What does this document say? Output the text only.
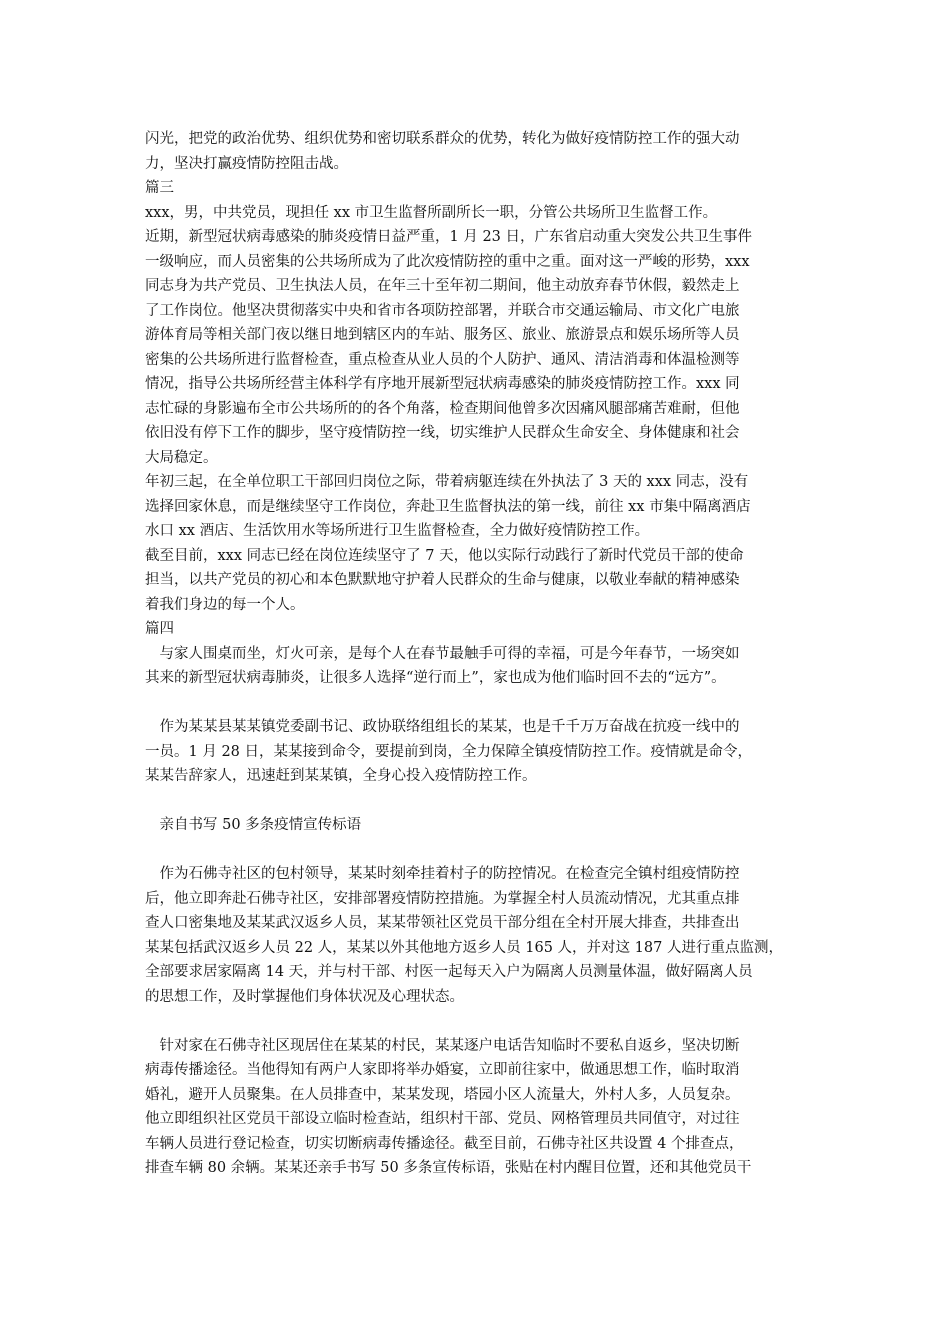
闪光，把党的政治优势、组织优势和密切联系群众的优势，转化为做好疫情防控工作的强大动
力，坚决打赢疫情防控阻击战。
篇三
xxx，男，中共党员，现担任 xx 市卫生监督所副所长一职，分管公共场所卫生监督工作。
近期，新型冠状病毒感染的肺炎疫情日益严重，1 月 23 日，广东省启动重大突发公共卫生事件
一级响应，而人员密集的公共场所成为了此次疫情防控的重中之重。面对这一严峻的形势，xxx
同志身为共产党员、卫生执法人员，在年三十至年初二期间，他主动放弃春节休假，毅然走上
了工作岗位。他坚决贯彻落实中央和省市各项防控部署，并联合市交通运输局、市文化广电旅
游体育局等相关部门夜以继日地到辖区内的车站、服务区、旅业、旅游景点和娱乐场所等人员
密集的公共场所进行监督检查，重点检查从业人员的个人防护、通风、清洁消毒和体温检测等
情况，指导公共场所经营主体科学有序地开展新型冠状病毒感染的肺炎疫情防控工作。xxx 同
志忙碌的身影遍布全市公共场所的的各个角落，检查期间他曾多次因痛风腿部痛苦难耐，但他
依旧没有停下工作的脚步，坚守疫情防控一线，切实维护人民群众生命安全、身体健康和社会
大局稳定。
年初三起，在全单位职工干部回归岗位之际，带着病躯连续在外执法了 3 天的 xxx 同志，没有
选择回家休息，而是继续坚守工作岗位，奔赴卫生监督执法的第一线，前往 xx 市集中隔离酒店
水口 xx 酒店、生活饮用水等场所进行卫生监督检查，全力做好疫情防控工作。
截至目前，xxx 同志已经在岗位连续坚守了 7 天，他以实际行动践行了新时代党员干部的使命
担当，以共产党员的初心和本色默默地守护着人民群众的生命与健康，以敬业奉献的精神感染
着我们身边的每一个人。
篇四
　与家人围桌而坐，灯火可亲，是每个人在春节最触手可得的幸福，可是今年春节，一场突如
其来的新型冠状病毒肺炎，让很多人选择“逆行而上”，家也成为他们临时回不去的“远方”。
　作为某某县某某镇党委副书记、政协联络组组长的某某，也是千千万万奋战在抗疫一线中的
一员。1 月 28 日，某某接到命令，要提前到岗，全力保障全镇疫情防控工作。疫情就是命令，
某某告辞家人，迅速赶到某某镇，全身心投入疫情防控工作。
　亲自书写 50 多条疫情宣传标语
　作为石佛寺社区的包村领导，某某时刻牵挂着村子的防控情况。在检查完全镇村组疫情防控
后，他立即奔赴石佛寺社区，安排部署疫情防控措施。为掌握全村人员流动情况，尤其重点排
查人口密集地及某某武汉返乡人员，某某带领社区党员干部分组在全村开展大排查，共排查出
某某包括武汉返乡人员 22 人，某某以外其他地方返乡人员 165 人，并对这 187 人进行重点监测，
全部要求居家隔离 14 天，并与村干部、村医一起每天入户为隔离人员测量体温，做好隔离人员
的思想工作，及时掌握他们身体状况及心理状态。
　针对家在石佛寺社区现居住在某某的村民，某某逐户电话告知临时不要私自返乡，坚决切断
病毒传播途径。当他得知有两户人家即将举办婚宴，立即前往家中，做通思想工作，临时取消
婚礼，避开人员聚集。在人员排查中，某某发现，塔园小区人流量大，外村人多，人员复杂。
他立即组织社区党员干部设立临时检查站，组织村干部、党员、网格管理员共同值守，对过往
车辆人员进行登记检查，切实切断病毒传播途径。截至目前，石佛寺社区共设置 4 个排查点，
排查车辆 80 余辆。某某还亲手书写 50 多条宣传标语，张贴在村内醒目位置，还和其他党员干
